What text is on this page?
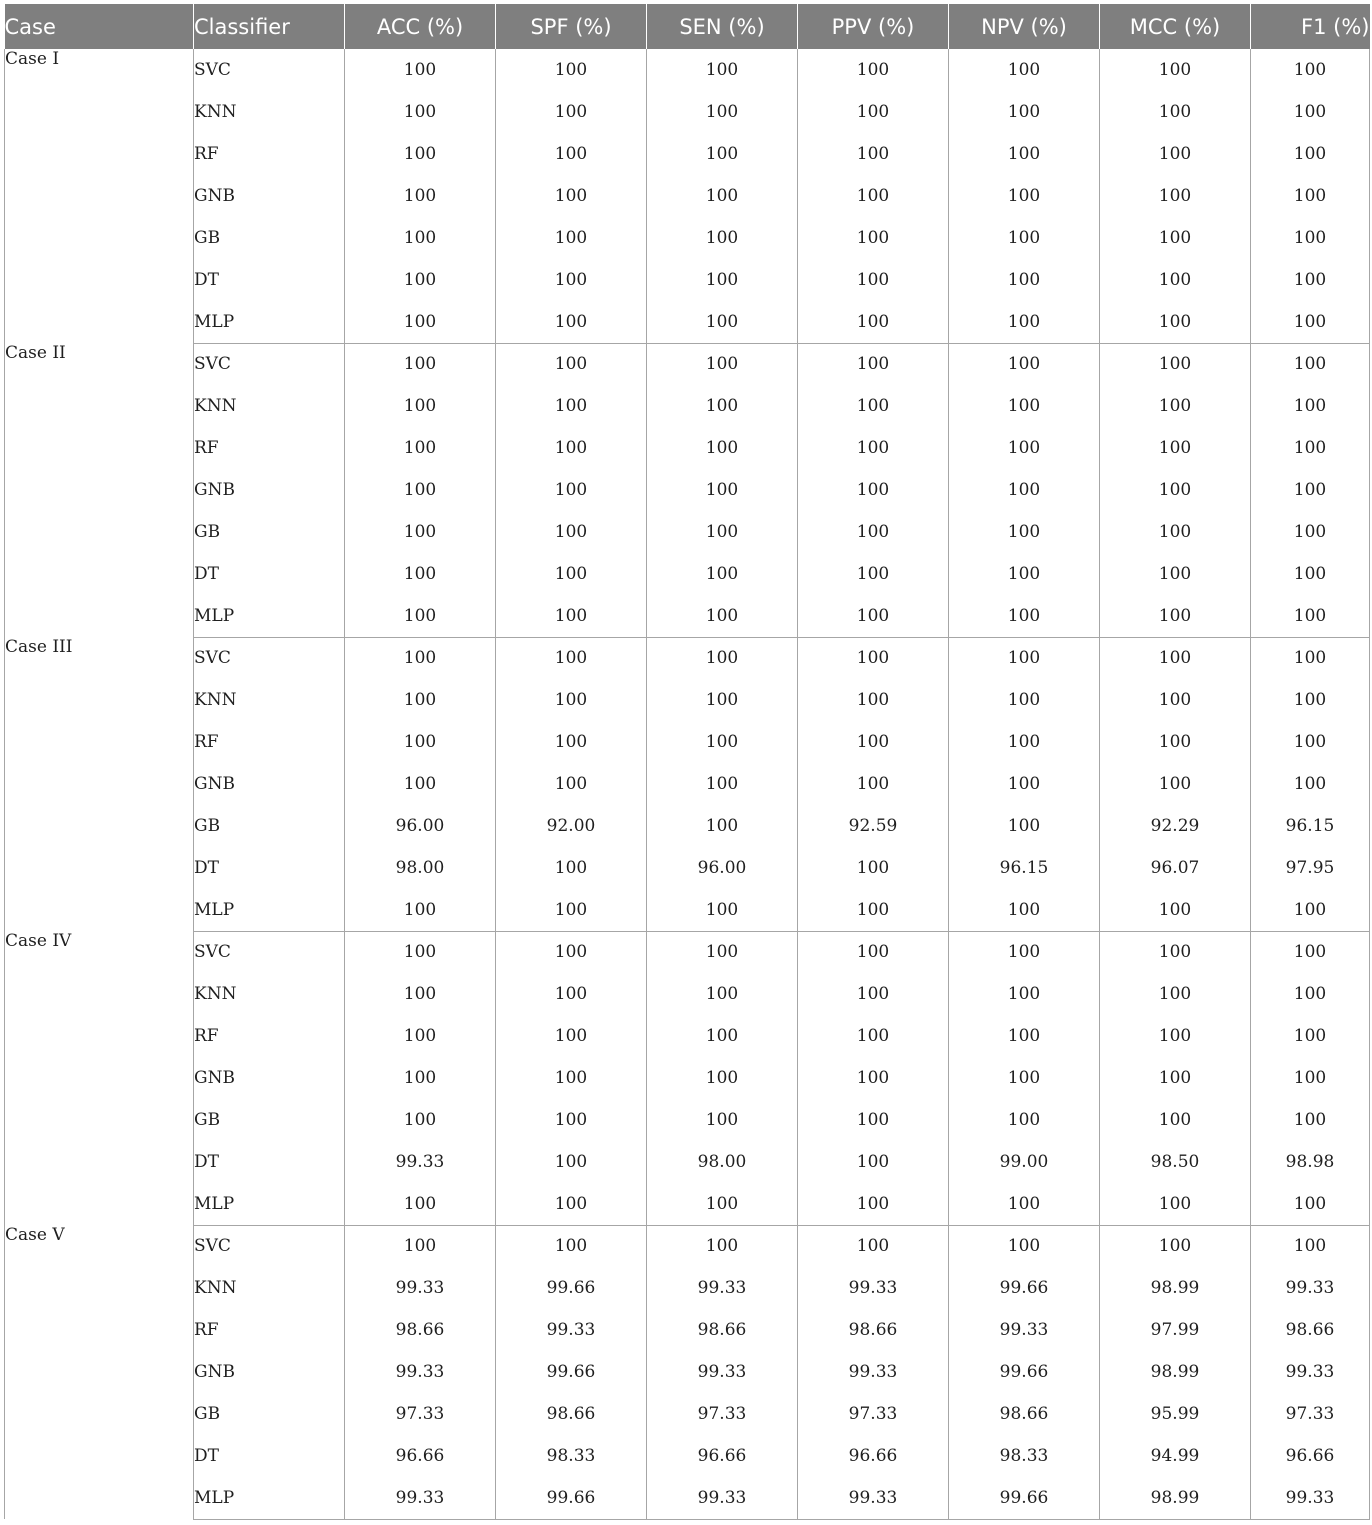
Case	Classifier	ACC (%)	SPF (%)	SEN (%)	PPV (%)	NPV (%)	MCC (%)	F1 (%)
Case I	SVC	100	100	100	100	100	100	100
	KNN	100	100	100	100	100	100	100
	RF	100	100	100	100	100	100	100
	GNB	100	100	100	100	100	100	100
	GB	100	100	100	100	100	100	100
	DT	100	100	100	100	100	100	100
	MLP	100	100	100	100	100	100	100
Case II	SVC	100	100	100	100	100	100	100
	KNN	100	100	100	100	100	100	100
	RF	100	100	100	100	100	100	100
	GNB	100	100	100	100	100	100	100
	GB	100	100	100	100	100	100	100
	DT	100	100	100	100	100	100	100
	MLP	100	100	100	100	100	100	100
Case III	SVC	100	100	100	100	100	100	100
	KNN	100	100	100	100	100	100	100
	RF	100	100	100	100	100	100	100
	GNB	100	100	100	100	100	100	100
	GB	96.00	92.00	100	92.59	100	92.29	96.15
	DT	98.00	100	96.00	100	96.15	96.07	97.95
	MLP	100	100	100	100	100	100	100
Case IV	SVC	100	100	100	100	100	100	100
	KNN	100	100	100	100	100	100	100
	RF	100	100	100	100	100	100	100
	GNB	100	100	100	100	100	100	100
	GB	100	100	100	100	100	100	100
	DT	99.33	100	98.00	100	99.00	98.50	98.98
	MLP	100	100	100	100	100	100	100
Case V	SVC	100	100	100	100	100	100	100
	KNN	99.33	99.66	99.33	99.33	99.66	98.99	99.33
	RF	98.66	99.33	98.66	98.66	99.33	97.99	98.66
	GNB	99.33	99.66	99.33	99.33	99.66	98.99	99.33
	GB	97.33	98.66	97.33	97.33	98.66	95.99	97.33
	DT	96.66	98.33	96.66	96.66	98.33	94.99	96.66
	MLP	99.33	99.66	99.33	99.33	99.66	98.99	99.33
